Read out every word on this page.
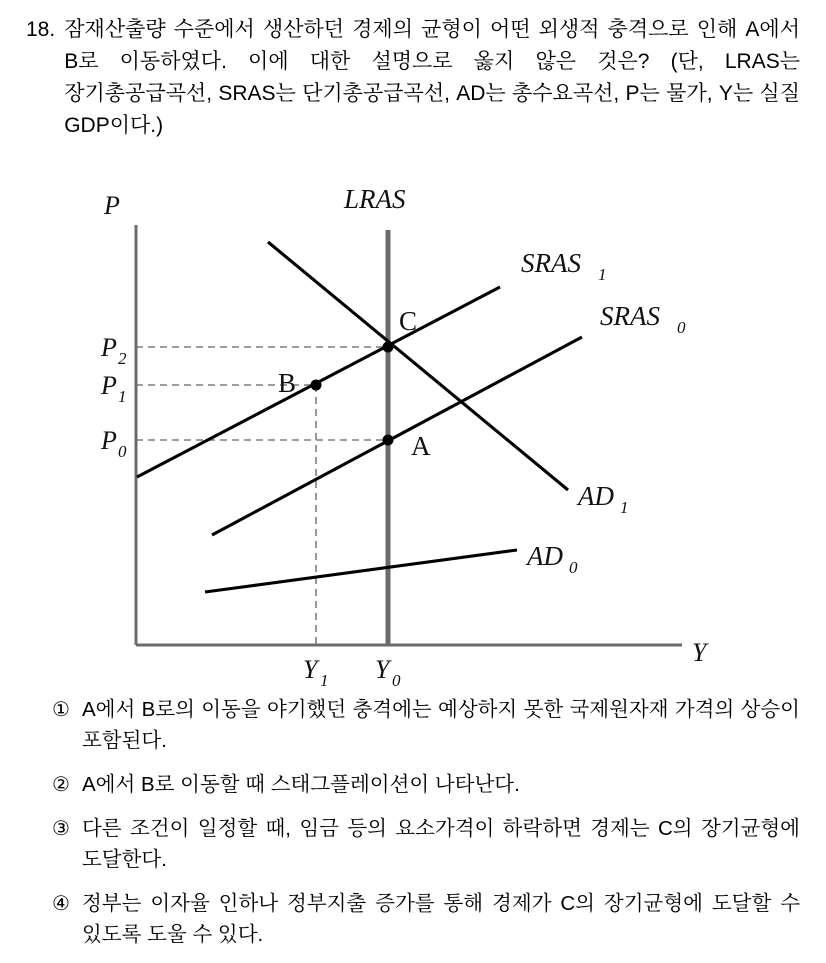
18. 잠재산출량 수준에서 생산하던 경제의 균형이 어떤 외생적 충격으로 인해 A에서 B로 이동하였다. 이에 대한 설명으로 옳지 않은 것은? (단, LRAS는 장기총공급곡선, SRAS는 단기총공급곡선, AD는 총수요곡선, P는 물가, Y는 실질 GDP이다.)
C
B
A
P
Y
LRAS
SRAS 1
SRAS 0
AD 1
AD 0
P 2
P 1
P 0
Y 1 Y 0
① A에서 B로의 이동을 야기했던 충격에는 예상하지 못한 국제원자재 가격의 상승이 포함된다.
② A에서 B로 이동할 때 스태그플레이션이 나타난다.
③ 다른 조건이 일정할 때, 임금 등의 요소가격이 하락하면 경제는 C의 장기균형에 도달한다.
④ 정부는 이자율 인하나 정부지출 증가를 통해 경제가 C의 장기균형에 도달할 수 있도록 도울 수 있다.
